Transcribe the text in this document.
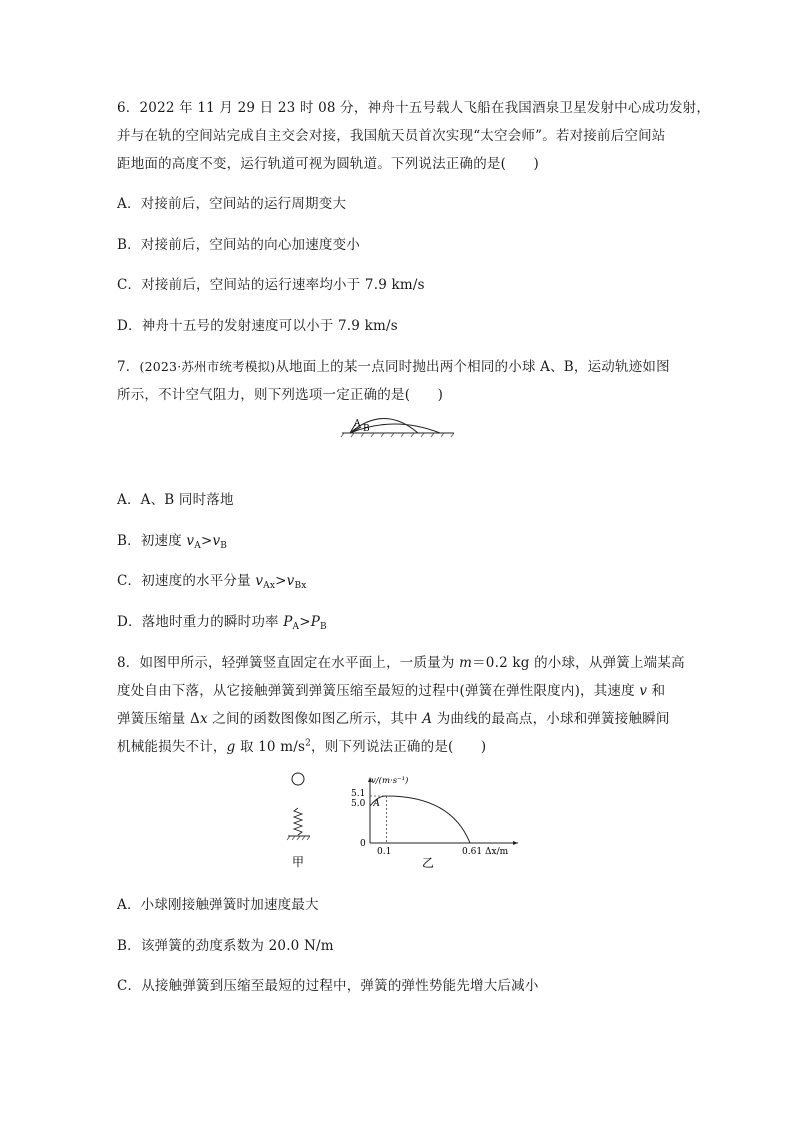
6．2022 年 11 月 29 日 23 时 08 分，神舟十五号载人飞船在我国酒泉卫星发射中心成功发射，
并与在轨的空间站完成自主交会对接，我国航天员首次实现“太空会师”。若对接前后空间站
距地面的高度不变，运行轨道可视为圆轨道。下列说法正确的是(　　)
A．对接前后，空间站的运行周期变大
B．对接前后，空间站的向心加速度变小
C．对接前后，空间站的运行速率均小于 7.9 km/s
D．神舟十五号的发射速度可以小于 7.9 km/s
7．(2023·苏州市统考模拟)从地面上的某一点同时抛出两个相同的小球 A、B，运动轨迹如图
所示，不计空气阻力，则下列选项一定正确的是(　　)
A B
A．A、B 同时落地
B．初速度 $v_A>v_B$
C．初速度的水平分量 $v_{Ax}>v_{Bx}$
D．落地时重力的瞬时功率 $P_A>P_B$
8．如图甲所示，轻弹簧竖直固定在水平面上，一质量为 m＝0.2 kg 的小球，从弹簧上端某高
度处自由下落，从它接触弹簧到弹簧压缩至最短的过程中(弹簧在弹性限度内)，其速度 v 和
弹簧压缩量 Δx 之间的函数图像如图乙所示，其中 A 为曲线的最高点，小球和弹簧接触瞬间
机械能损失不计，g 取 10 $m/s^2$，则下列说法正确的是(　　)
甲
v/(m·s⁻¹)
5.1
5.0
0
0.1	0.61 Δx/m
A
乙
A．小球刚接触弹簧时加速度最大
B．该弹簧的劲度系数为 20.0 N/m
C．从接触弹簧到压缩至最短的过程中，弹簧的弹性势能先增大后减小
